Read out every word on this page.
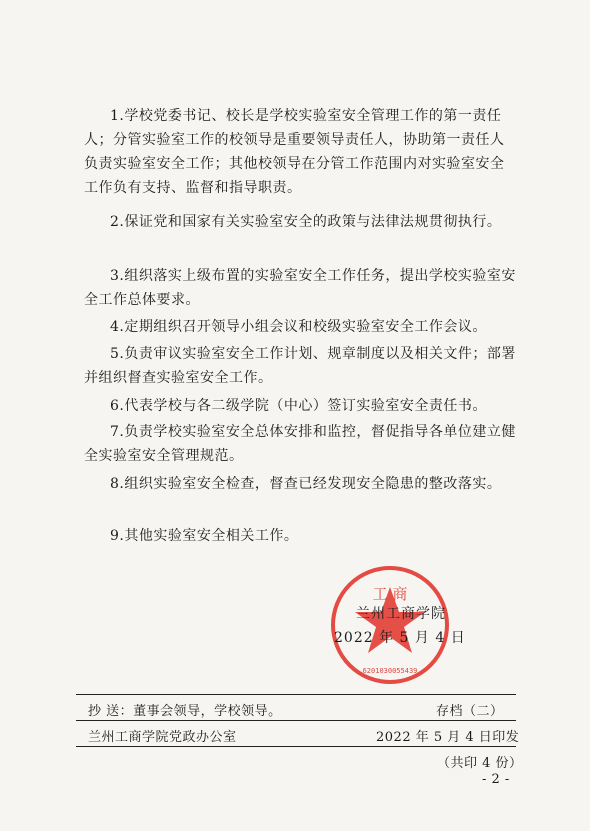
1.学校党委书记、校长是学校实验室安全管理工作的第一责任人；分管实验室工作的校领导是重要领导责任人，协助第一责任人负责实验室安全工作；其他校领导在分管工作范围内对实验室安全工作负有支持、监督和指导职责。

2.保证党和国家有关实验室安全的政策与法律法规贯彻执行。

3.组织落实上级布置的实验室安全工作任务，提出学校实验室安全工作总体要求。

4.定期组织召开领导小组会议和校级实验室安全工作会议。

5.负责审议实验室安全工作计划、规章制度以及相关文件；部署并组织督查实验室安全工作。

6.代表学校与各二级学院（中心）签订实验室安全责任书。

7.负责学校实验室安全总体安排和监控，督促指导各单位建立健全实验室安全管理规范。

8.组织实验室安全检查，督查已经发现安全隐患的整改落实。

9.其他实验室安全相关工作。

工 商
6201030055439
兰州工商学院
2022 年 5 月 4 日
抄 送：董事会领导，学校领导。	存档（二）
兰州工商学院党政办公室	2022 年 5 月 4 日印发
（共印 4 份）
- 2 -
